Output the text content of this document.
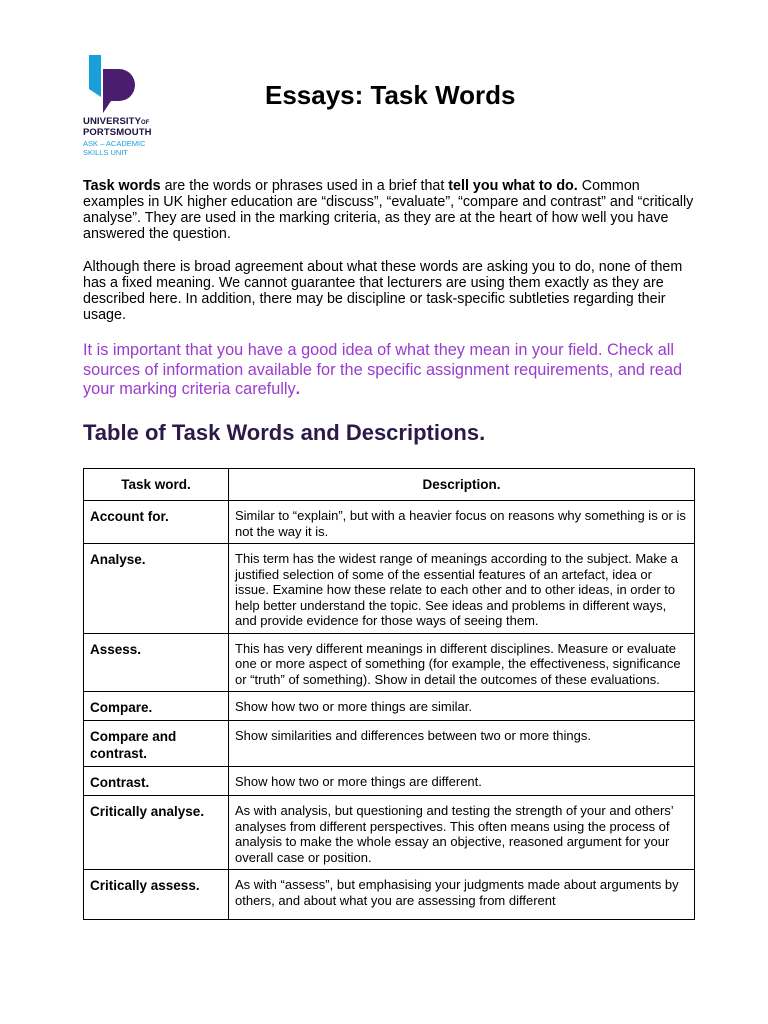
UNIVERSITYOF
PORTSMOUTH
ASK – ACADEMIC
SKILLS UNIT
Essays: Task Words

Task words are the words or phrases used in a brief that tell you what to do. Common examples in UK higher education are “discuss”, “evaluate”, “compare and contrast” and “critically analyse”. They are used in the marking criteria, as they are at the heart of how well you have answered the question.

Although there is broad agreement about what these words are asking you to do, none of them has a fixed meaning. We cannot guarantee that lecturers are using them exactly as they are described here. In addition, there may be discipline or task-specific subtleties regarding their usage.

It is important that you have a good idea of what they mean in your field. Check all sources of information available for the specific assignment requirements, and read your marking criteria carefully.

Table of Task Words and Descriptions.
Task word.	Description.
Account for.	Similar to “explain”, but with a heavier focus on reasons why something is or is not the way it is.
Analyse.	This term has the widest range of meanings according to the subject. Make a justified selection of some of the essential features of an artefact, idea or issue. Examine how these relate to each other and to other ideas, in order to help better understand the topic. See ideas and problems in different ways, and provide evidence for those ways of seeing them.
Assess.	This has very different meanings in different disciplines. Measure or evaluate one or more aspect of something (for example, the effectiveness, significance or “truth” of something). Show in detail the outcomes of these evaluations.
Compare.	Show how two or more things are similar.
Compare and contrast.	Show similarities and differences between two or more things.
Contrast.	Show how two or more things are different.
Critically analyse.	As with analysis, but questioning and testing the strength of your and others’ analyses from different perspectives. This often means using the process of analysis to make the whole essay an objective, reasoned argument for your overall case or position.
Critically assess.	As with “assess”, but emphasising your judgments made about arguments by others, and about what you are assessing from different
